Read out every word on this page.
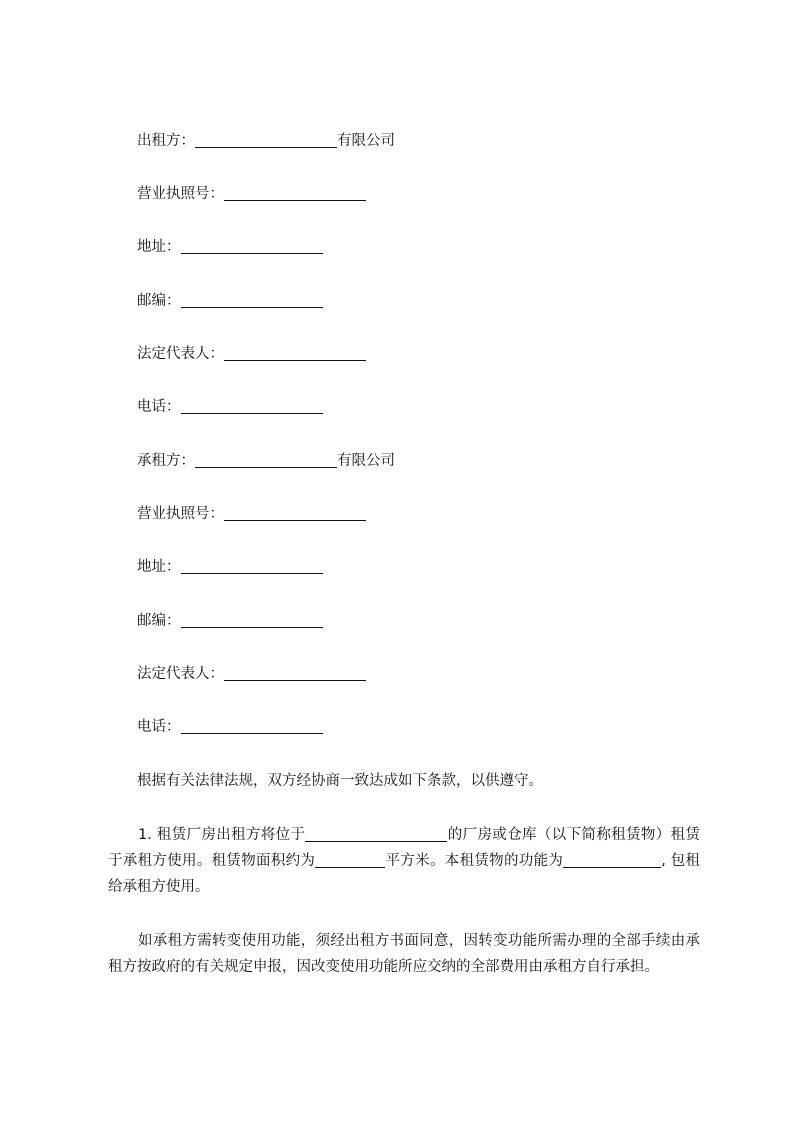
出租方：	有限公司
营业执照号：
地址：
邮编：
法定代表人：
电话：
承租方：	有限公司
营业执照号：
地址：
邮编：
法定代表人：
电话：
根据有关法律法规，双方经协商一致达成如下条款，以供遵守。
1. 租赁厂房出租方将位于	的厂房或仓库（以下简称租赁物）租赁于承租方使用。租赁物面积约为	平方米。本租赁物的功能为	, 包租给承租方使用。
如承租方需转变使用功能，须经出租方书面同意，因转变功能所需办理的全部手续由承租方按政府的有关规定申报，因改变使用功能所应交纳的全部费用由承租方自行承担。
